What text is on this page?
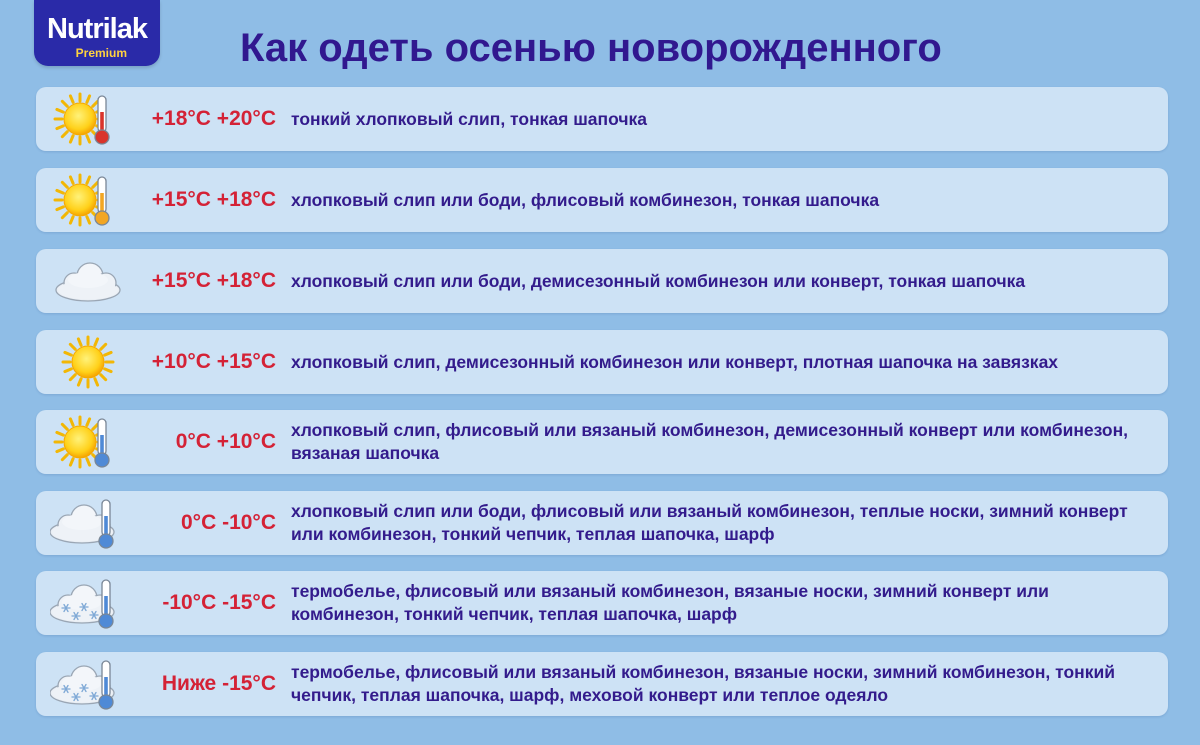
Nutrilak
Premium	Как одеть осенью новорожденного
+18°C +20°C тонкий хлопковый слип, тонкая шапочка
+15°C +18°C хлопковый слип или боди, флисовый комбинезон, тонкая шапочка
+15°C +18°C хлопковый слип или боди, демисезонный комбинезон или конверт, тонкая шапочка
+10°C +15°C хлопковый слип, демисезонный комбинезон или конверт, плотная шапочка на завязках
0°C +10°C хлопковый слип, флисовый или вязаный комбинезон, демисезонный конверт или комбинезон, вязаная шапочка
0°C -10°C хлопковый слип или боди, флисовый или вязаный комбинезон, теплые носки, зимний конверт или комбинезон, тонкий чепчик, теплая шапочка, шарф
-10°C -15°C термобелье, флисовый или вязаный комбинезон, вязаные носки, зимний конверт или комбинезон, тонкий чепчик, теплая шапочка, шарф
Ниже -15°C термобелье, флисовый или вязаный комбинезон, вязаные носки, зимний комбинезон, тонкий чепчик, теплая шапочка, шарф, меховой конверт или теплое одеяло
